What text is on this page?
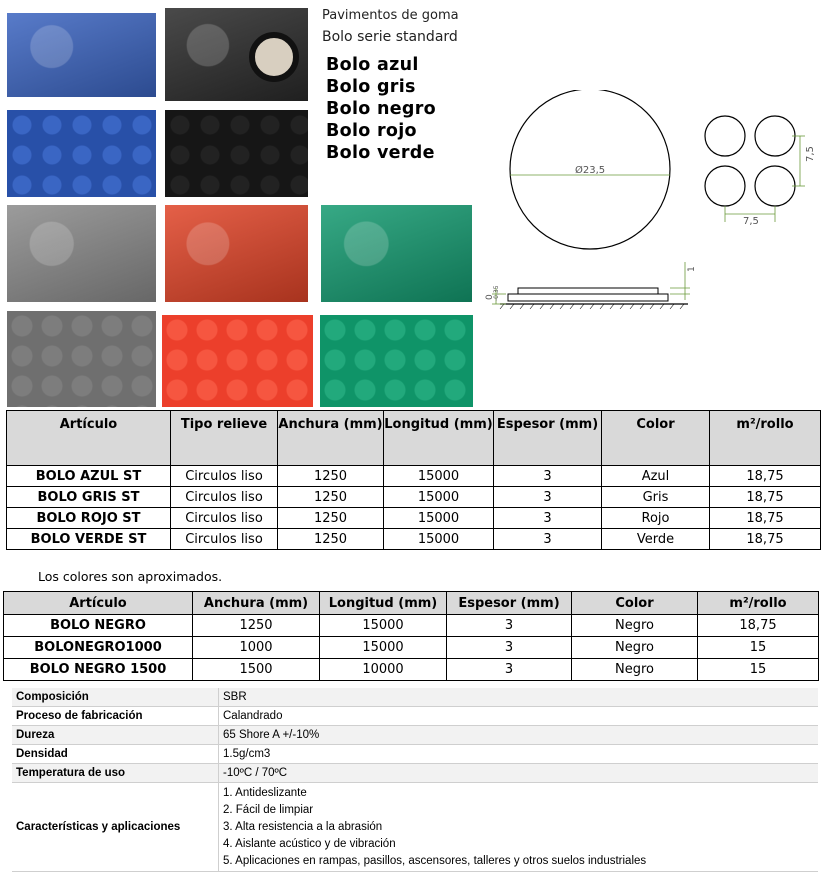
Pavimentos de goma
Bolo serie standard
Bolo azul
Bolo gris
Bolo negro
Bolo rojo
Bolo verde
Ø23,5
7,5
7,5
0
-0,35
1
Artículo	Tipo relieve	Anchura (mm)	Longitud (mm)	Espesor (mm)	Color	m²/rollo
BOLO AZUL ST	Circulos liso	1250	15000	3	Azul	18,75
BOLO GRIS ST	Circulos liso	1250	15000	3	Gris	18,75
BOLO ROJO ST	Circulos liso	1250	15000	3	Rojo	18,75
BOLO VERDE ST	Circulos liso	1250	15000	3	Verde	18,75
Los colores son aproximados.
Artículo	Anchura (mm)	Longitud (mm)	Espesor (mm)	Color	m²/rollo
BOLO NEGRO	1250	15000	3	Negro	18,75
BOLONEGRO1000	1000	15000	3	Negro	15
BOLO NEGRO 1500	1500	10000	3	Negro	15
Composición	SBR
Proceso de fabricación	Calandrado
Dureza	65 Shore A +/-10%
Densidad	1.5g/cm3
Temperatura de uso	-10ºC / 70ºC
Características y aplicaciones	1. Antideslizante
2. Fácil de limpiar
3. Alta resistencia a la abrasión
4. Aislante acústico y de vibración
5. Aplicaciones en rampas, pasillos, ascensores, talleres y otros suelos industriales
